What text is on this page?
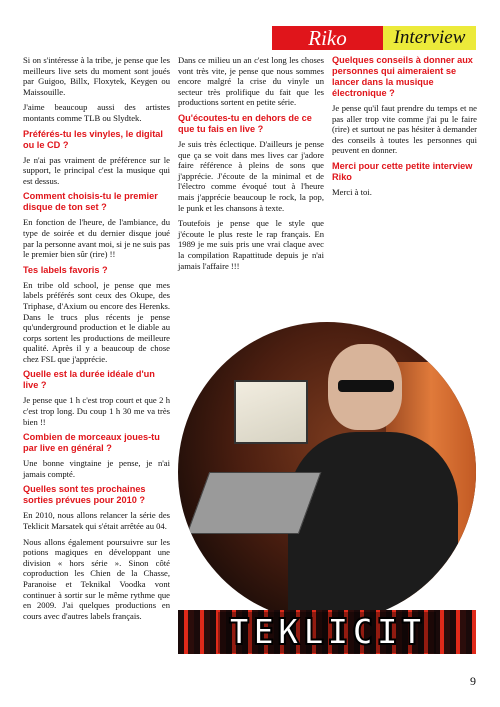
Riko	Interview

Si on s'intéresse à la tribe, je pense que les meilleurs live sets du moment sont joués par Guigoo, Billx, Floxytek, Keygen ou Maissouille.

J'aime beaucoup aussi des artistes montants comme TLB ou Slydtek.

Préférés-tu les vinyles, le digital ou le CD ?

Je n'ai pas vraiment de préférence sur le support, le principal c'est la musique qui est dessus.

Comment choisis-tu le premier disque de ton set ?

En fonction de l'heure, de l'ambiance, du type de soirée et du dernier disque joué par la personne avant moi, si je ne suis pas le premier bien sûr (rire) !!

Tes labels favoris ?

En tribe old school, je pense que mes labels préférés sont ceux des Okupe, des Triphase, d'Axium ou encore des Herenks. Dans le trucs plus récents je pense qu'underground production et le diable au corps sortent les productions de meilleure qualité. Après il y a beaucoup de chose chez FSL que j'apprécie.

Quelle est la durée idéale d'un live ?

Je pense que 1 h c'est trop court et que 2 h c'est trop long. Du coup 1 h 30 me va très bien !!

Combien de morceaux joues-tu par live en général ?

Une bonne vingtaine je pense, je n'ai jamais compté.

Quelles sont tes prochaines sorties prévues pour 2010 ?

En 2010, nous allons relancer la série des Teklicit Marsatek qui s'était arrêtée au 04.

Nous allons également poursuivre sur les potions magiques en développant une division « hors série ». Sinon côté coproduction les Chien de la Chasse, Paranoise et Teknikal Voodka vont continuer à sortir sur le même rythme que en 2009. J'ai quelques productions en cours avec d'autres labels français.

Dans ce milieu un an c'est long les choses vont très vite, je pense que nous sommes encore malgré la crise du vinyle un secteur très prolifique du fait que les productions sortent en petite série.

Qu'écoutes-tu en dehors de ce que tu fais en live ?

Je suis très éclectique. D'ailleurs je pense que ça se voit dans mes lives car j'adore faire référence à pleins de sons que j'apprécie. J'écoute de la minimal et de l'électro comme évoqué tout à l'heure mais j'apprécie beaucoup le rock, la pop, le punk et les chansons à texte.

Toutefois je pense que le style que j'écoute le plus reste le rap français. En 1989 je me suis pris une vrai claque avec la compilation Rapattitude depuis je n'ai jamais l'affaire !!!

Quelques conseils à donner aux personnes qui aimeraient se lancer dans la musique électronique ?

Je pense qu'il faut prendre du temps et ne pas aller trop vite comme j'ai pu le faire (rire) et surtout ne pas hésiter à demander des conseils à toutes les personnes qui peuvent en donner.

Merci pour cette petite interview Riko

Merci à toi.

TEKLICIT
9
